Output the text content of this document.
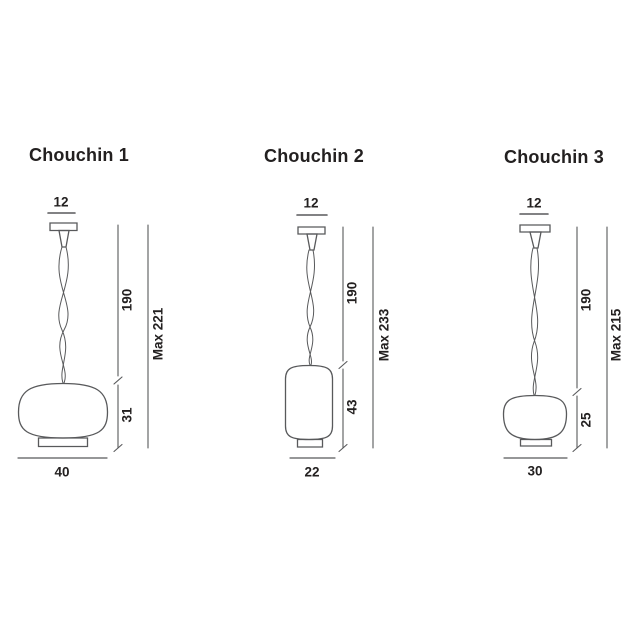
Chouchin 1
12
190
Max 221
31
40
Chouchin 2
12
190
Max 233
43
22
Chouchin 3
12
190
Max 215
25
30
